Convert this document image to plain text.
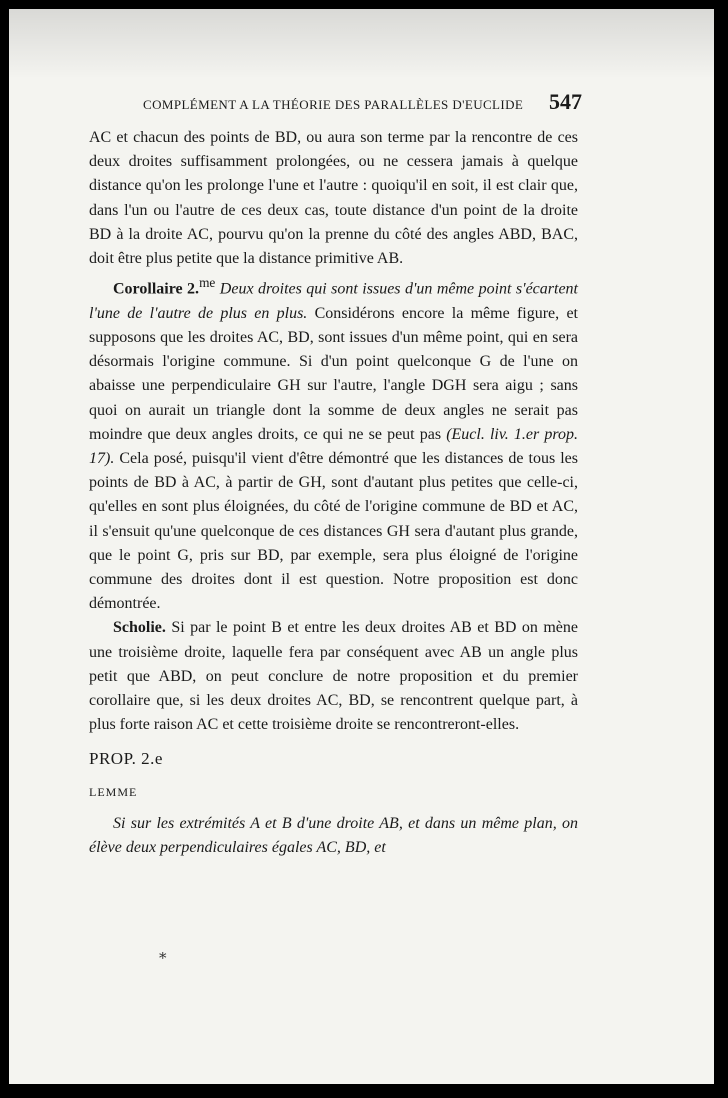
COMPLÉMENT A LA THÉORIE DES PARALLÈLES D'EUCLIDE 547

AC et chacun des points de BD, ou aura son terme par la rencontre de ces deux droites suffisamment prolongées, ou ne cessera jamais à quelque distance qu'on les prolonge l'une et l'autre : quoiqu'il en soit, il est clair que, dans l'un ou l'autre de ces deux cas, toute distance d'un point de la droite BD à la droite AC, pourvu qu'on la prenne du côté des angles ABD, BAC, doit être plus petite que la distance primitive AB.

Corollaire 2.$^{me}$ Deux droites qui sont issues d'un même point s'écartent l'une de l'autre de plus en plus. Considérons encore la même figure, et supposons que les droites AC, BD, sont issues d'un même point, qui en sera désormais l'origine commune. Si d'un point quelconque G de l'une on abaisse une perpendiculaire GH sur l'autre, l'angle DGH sera aigu ; sans quoi on aurait un triangle dont la somme de deux angles ne serait pas moindre que deux angles droits, ce qui ne se peut pas (Eucl. liv. 1.er prop. 17). Cela posé, puisqu'il vient d'être démontré que les distances de tous les points de BD à AC, à partir de GH, sont d'autant plus petites que celle-ci, qu'elles en sont plus éloignées, du côté de l'origine commune de BD et AC, il s'ensuit qu'une quelconque de ces distances GH sera d'autant plus grande, que le point G, pris sur BD, par exemple, sera plus éloigné de l'origine commune des droites dont il est question. Notre proposition est donc démontrée.

Scholie. Si par le point B et entre les deux droites AB et BD on mène une troisième droite, laquelle fera par conséquent avec AB un angle plus petit que ABD, on peut conclure de notre proposition et du premier corollaire que, si les deux droites AC, BD, se rencontrent quelque part, à plus forte raison AC et cette troisième droite se rencontreront-elles.

PROP. 2.e

LEMME

Si sur les extrémités A et B d'une droite AB, et dans un même plan, on élève deux perpendiculaires égales AC, BD, et

*
